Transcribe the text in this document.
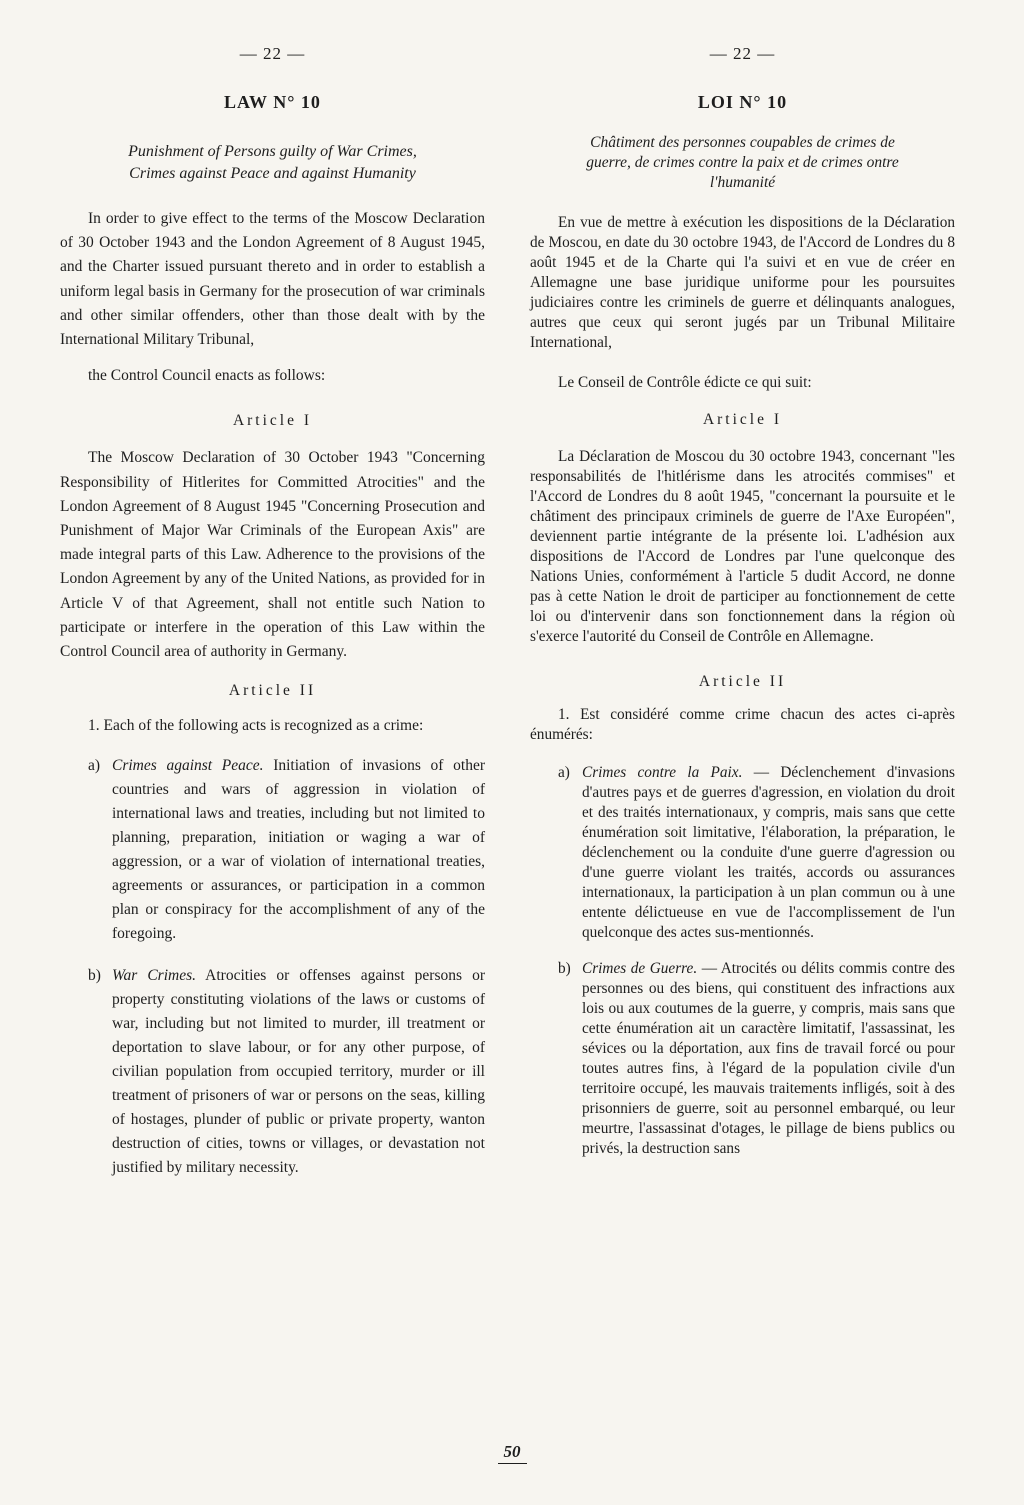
— 22 —
LAW N° 10
Punishment of Persons guilty of War Crimes,
Crimes against Peace and against Humanity

In order to give effect to the terms of the Moscow Declaration of 30 October 1943 and the London Agreement of 8 August 1945, and the Charter issued pursuant thereto and in order to establish a uniform legal basis in Germany for the prosecution of war criminals and other similar offenders, other than those dealt with by the International Military Tribunal,

the Control Council enacts as follows:

Article I

The Moscow Declaration of 30 October 1943 "Concerning Responsibility of Hitlerites for Committed Atrocities" and the London Agreement of 8 August 1945 "Concerning Prosecution and Punishment of Major War Criminals of the European Axis" are made integral parts of this Law. Adherence to the provisions of the London Agreement by any of the United Nations, as provided for in Article V of that Agreement, shall not entitle such Nation to participate or interfere in the operation of this Law within the Control Council area of authority in Germany.

Article II

1. Each of the following acts is recognized as a crime:

a) Crimes against Peace. Initiation of invasions of other countries and wars of aggression in violation of international laws and treaties, including but not limited to planning, preparation, initiation or waging a war of aggression, or a war of violation of international treaties, agreements or assurances, or participation in a common plan or conspiracy for the accomplishment of any of the foregoing.
b) War Crimes. Atrocities or offenses against persons or property constituting violations of the laws or customs of war, including but not limited to murder, ill treatment or deportation to slave labour, or for any other purpose, of civilian population from occupied territory, murder or ill treatment of prisoners of war or persons on the seas, killing of hostages, plunder of public or private property, wanton destruction of cities, towns or villages, or devastation not justified by military necessity.
— 22 —
LOI N° 10
Châtiment des personnes coupables de crimes de
guerre, de crimes contre la paix et de crimes ontre
l'humanité

En vue de mettre à exécution les dispositions de la Déclaration de Moscou, en date du 30 octobre 1943, de l'Accord de Londres du 8 août 1945 et de la Charte qui l'a suivi et en vue de créer en Allemagne une base juridique uniforme pour les poursuites judiciaires contre les criminels de guerre et délinquants analogues, autres que ceux qui seront jugés par un Tribunal Militaire International,

Le Conseil de Contrôle édicte ce qui suit:

Article I

La Déclaration de Moscou du 30 octobre 1943, concernant "les responsabilités de l'hitlérisme dans les atrocités commises" et l'Accord de Londres du 8 août 1945, "concernant la poursuite et le châtiment des principaux criminels de guerre de l'Axe Européen", deviennent partie intégrante de la présente loi. L'adhésion aux dispositions de l'Accord de Londres par l'une quelconque des Nations Unies, conformément à l'article 5 dudit Accord, ne donne pas à cette Nation le droit de participer au fonctionnement de cette loi ou d'intervenir dans son fonctionnement dans la région où s'exerce l'autorité du Conseil de Contrôle en Allemagne.

Article II

1. Est considéré comme crime chacun des actes ci-après énumérés:

a) Crimes contre la Paix. — Déclenchement d'invasions d'autres pays et de guerres d'agression, en violation du droit et des traités internationaux, y compris, mais sans que cette énumération soit limitative, l'élaboration, la préparation, le déclenchement ou la conduite d'une guerre d'agression ou d'une guerre violant les traités, accords ou assurances internationaux, la participation à un plan commun ou à une entente délictueuse en vue de l'accomplissement de l'un quelconque des actes sus-mentionnés.
b) Crimes de Guerre. — Atrocités ou délits commis contre des personnes ou des biens, qui constituent des infractions aux lois ou aux coutumes de la guerre, y compris, mais sans que cette énumération ait un caractère limitatif, l'assassinat, les sévices ou la déportation, aux fins de travail forcé ou pour toutes autres fins, à l'égard de la population civile d'un territoire occupé, les mauvais traitements infligés, soit à des prisonniers de guerre, soit au personnel embarqué, ou leur meurtre, l'assassinat d'otages, le pillage de biens publics ou privés, la destruction sans
50
